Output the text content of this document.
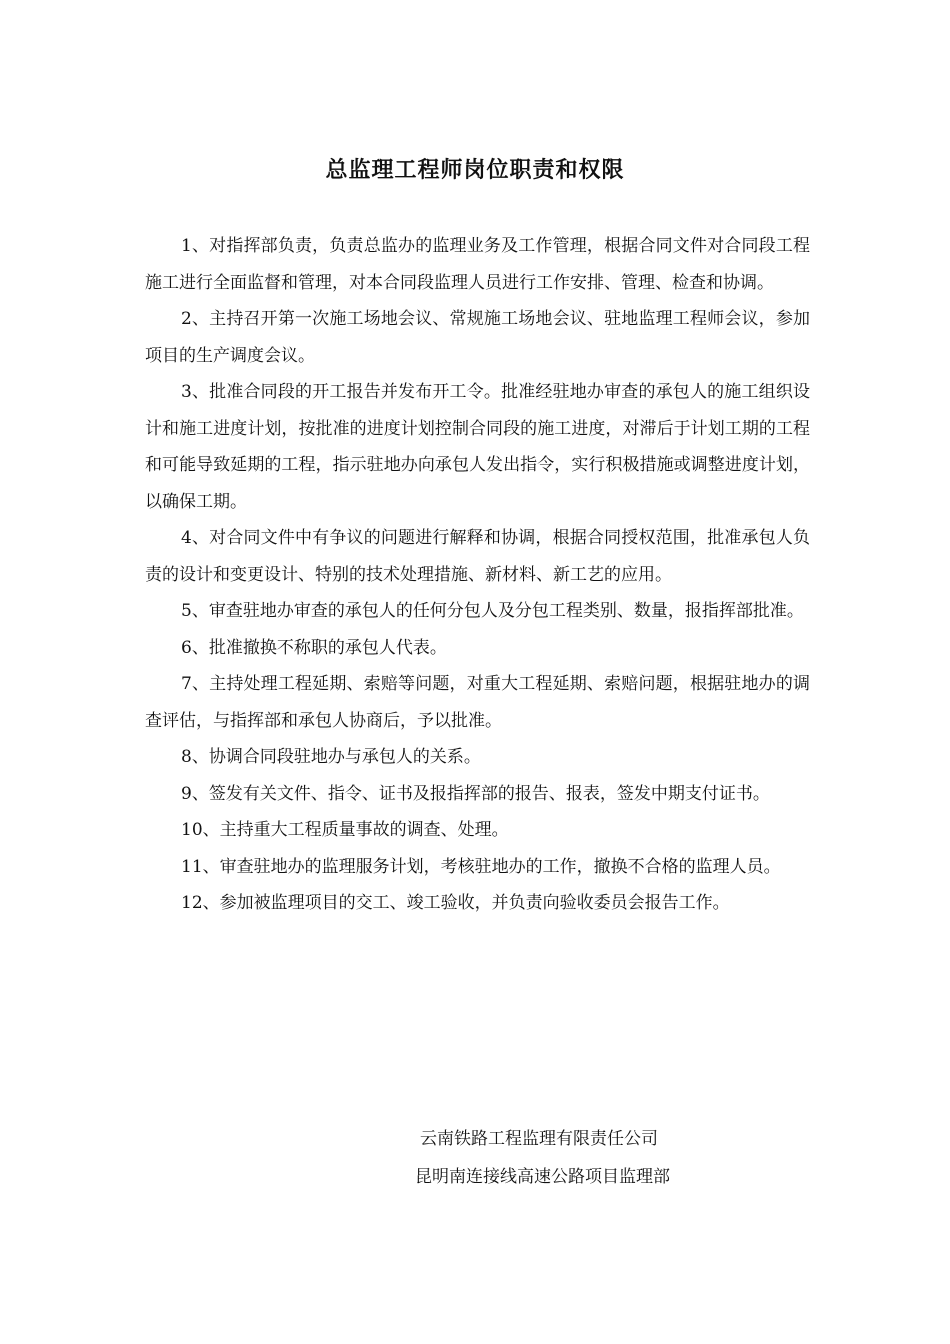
总监理工程师岗位职责和权限

1、对指挥部负责，负责总监办的监理业务及工作管理，根据合同文件对合同段工程施工进行全面监督和管理，对本合同段监理人员进行工作安排、管理、检查和协调。

2、主持召开第一次施工场地会议、常规施工场地会议、驻地监理工程师会议，参加项目的生产调度会议。

3、批准合同段的开工报告并发布开工令。批准经驻地办审查的承包人的施工组织设计和施工进度计划，按批准的进度计划控制合同段的施工进度，对滞后于计划工期的工程和可能导致延期的工程，指示驻地办向承包人发出指令，实行积极措施或调整进度计划，以确保工期。

4、对合同文件中有争议的问题进行解释和协调，根据合同授权范围，批准承包人负责的设计和变更设计、特别的技术处理措施、新材料、新工艺的应用。

5、审查驻地办审查的承包人的任何分包人及分包工程类别、数量，报指挥部批准。

6、批准撤换不称职的承包人代表。

7、主持处理工程延期、索赔等问题，对重大工程延期、索赔问题，根据驻地办的调查评估，与指挥部和承包人协商后，予以批准。

8、协调合同段驻地办与承包人的关系。

9、签发有关文件、指令、证书及报指挥部的报告、报表，签发中期支付证书。

10、主持重大工程质量事故的调查、处理。

11、审查驻地办的监理服务计划，考核驻地办的工作，撤换不合格的监理人员。

12、参加被监理项目的交工、竣工验收，并负责向验收委员会报告工作。

云南铁路工程监理有限责任公司

昆明南连接线高速公路项目监理部
